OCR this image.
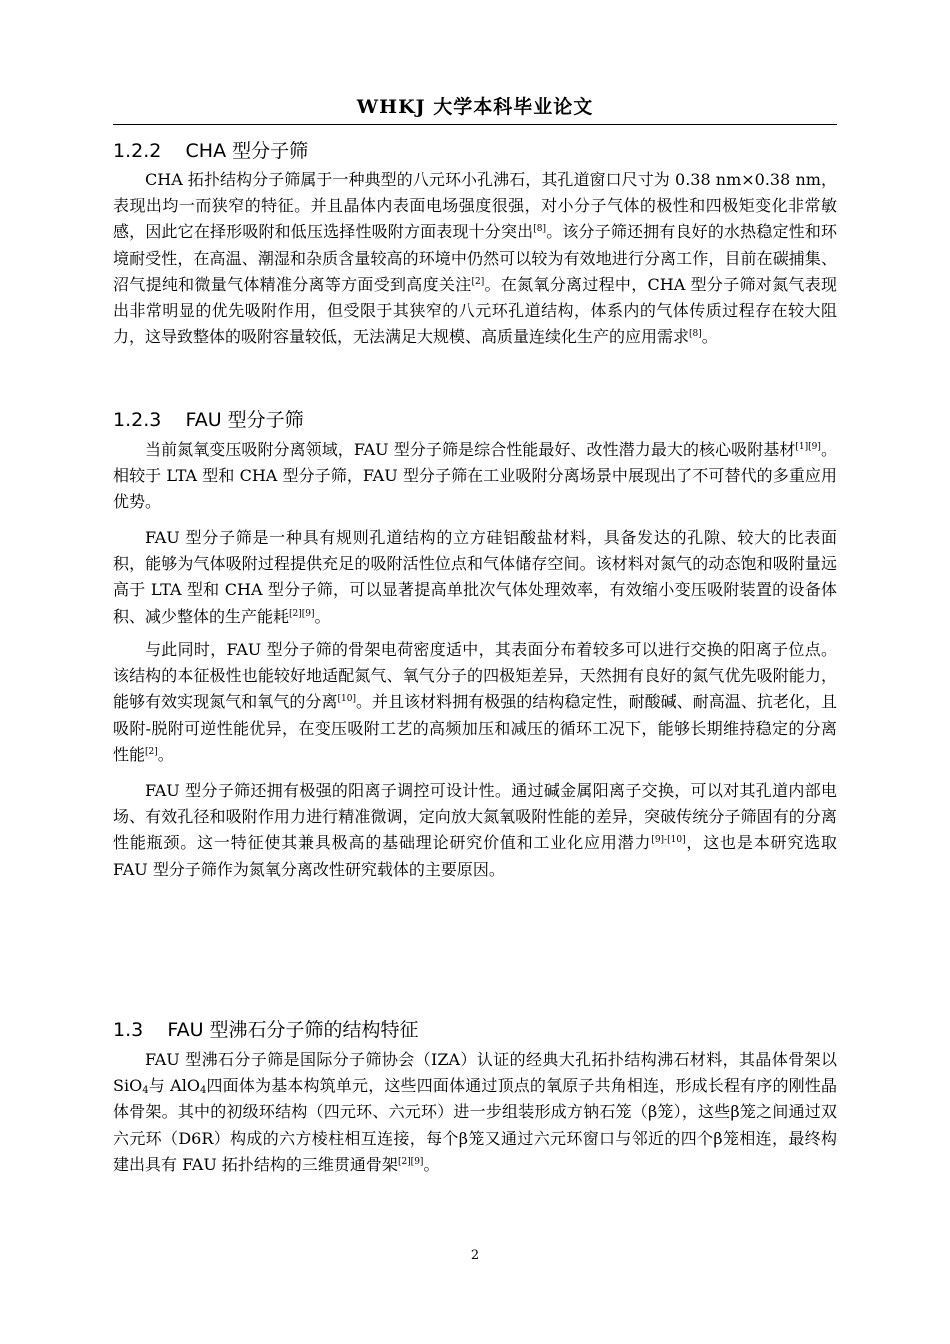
WHKJ 大学本科毕业论文
1.2.2 CHA 型分子筛
CHA 拓扑结构分子筛属于一种典型的八元环小孔沸石，其孔道窗口尺寸为 0.38 nm×0.38 nm，表现出均一而狭窄的特征。并且晶体内表面电场强度很强，对小分子气体的极性和四极矩变化非常敏感，因此它在择形吸附和低压选择性吸附方面表现十分突出[8]。该分子筛还拥有良好的水热稳定性和环境耐受性，在高温、潮湿和杂质含量较高的环境中仍然可以较为有效地进行分离工作，目前在碳捕集、沼气提纯和微量气体精准分离等方面受到高度关注[2]。在氮氧分离过程中，CHA 型分子筛对氮气表现出非常明显的优先吸附作用，但受限于其狭窄的八元环孔道结构，体系内的气体传质过程存在较大阻力，这导致整体的吸附容量较低，无法满足大规模、高质量连续化生产的应用需求[8]。
1.2.3 FAU 型分子筛
当前氮氧变压吸附分离领域，FAU 型分子筛是综合性能最好、改性潜力最大的核心吸附基材[1][9]。相较于 LTA 型和 CHA 型分子筛，FAU 型分子筛在工业吸附分离场景中展现出了不可替代的多重应用优势。
FAU 型分子筛是一种具有规则孔道结构的立方硅铝酸盐材料，具备发达的孔隙、较大的比表面积，能够为气体吸附过程提供充足的吸附活性位点和气体储存空间。该材料对氮气的动态饱和吸附量远高于 LTA 型和 CHA 型分子筛，可以显著提高单批次气体处理效率，有效缩小变压吸附装置的设备体积、减少整体的生产能耗[2][9]。
与此同时，FAU 型分子筛的骨架电荷密度适中，其表面分布着较多可以进行交换的阳离子位点。该结构的本征极性也能较好地适配氮气、氧气分子的四极矩差异，天然拥有良好的氮气优先吸附能力，能够有效实现氮气和氧气的分离[10]。并且该材料拥有极强的结构稳定性，耐酸碱、耐高温、抗老化，且吸附-脱附可逆性能优异，在变压吸附工艺的高频加压和减压的循环工况下，能够长期维持稳定的分离性能[2]。
FAU 型分子筛还拥有极强的阳离子调控可设计性。通过碱金属阳离子交换，可以对其孔道内部电场、有效孔径和吸附作用力进行精准微调，定向放大氮氧吸附性能的差异，突破传统分子筛固有的分离性能瓶颈。这一特征使其兼具极高的基础理论研究价值和工业化应用潜力[9]-[10]，这也是本研究选取 FAU 型分子筛作为氮氧分离改性研究载体的主要原因。
1.3 FAU 型沸石分子筛的结构特征
FAU 型沸石分子筛是国际分子筛协会（IZA）认证的经典大孔拓扑结构沸石材料，其晶体骨架以 SiO$_4$与 AlO$_4$四面体为基本构筑单元，这些四面体通过顶点的氧原子共角相连，形成长程有序的刚性晶体骨架。其中的初级环结构（四元环、六元环）进一步组装形成方钠石笼（β笼），这些β笼之间通过双六元环（D6R）构成的六方棱柱相互连接，每个β笼又通过六元环窗口与邻近的四个β笼相连，最终构建出具有 FAU 拓扑结构的三维贯通骨架[2][9]。
2
